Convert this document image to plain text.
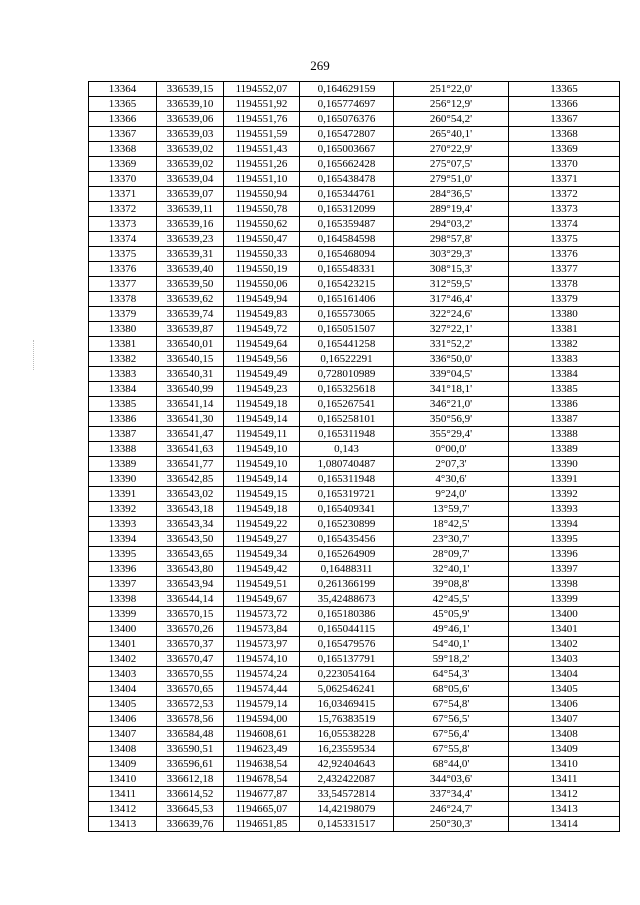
269
13364	336539,15	1194552,07	0,164629159	251°22,0'	13365
13365	336539,10	1194551,92	0,165774697	256°12,9'	13366
13366	336539,06	1194551,76	0,165076376	260°54,2'	13367
13367	336539,03	1194551,59	0,165472807	265°40,1'	13368
13368	336539,02	1194551,43	0,165003667	270°22,9'	13369
13369	336539,02	1194551,26	0,165662428	275°07,5'	13370
13370	336539,04	1194551,10	0,165438478	279°51,0'	13371
13371	336539,07	1194550,94	0,165344761	284°36,5'	13372
13372	336539,11	1194550,78	0,165312099	289°19,4'	13373
13373	336539,16	1194550,62	0,165359487	294°03,2'	13374
13374	336539,23	1194550,47	0,164584598	298°57,8'	13375
13375	336539,31	1194550,33	0,165468094	303°29,3'	13376
13376	336539,40	1194550,19	0,165548331	308°15,3'	13377
13377	336539,50	1194550,06	0,165423215	312°59,5'	13378
13378	336539,62	1194549,94	0,165161406	317°46,4'	13379
13379	336539,74	1194549,83	0,165573065	322°24,6'	13380
13380	336539,87	1194549,72	0,165051507	327°22,1'	13381
13381	336540,01	1194549,64	0,165441258	331°52,2'	13382
13382	336540,15	1194549,56	0,16522291	336°50,0'	13383
13383	336540,31	1194549,49	0,728010989	339°04,5'	13384
13384	336540,99	1194549,23	0,165325618	341°18,1'	13385
13385	336541,14	1194549,18	0,165267541	346°21,0'	13386
13386	336541,30	1194549,14	0,165258101	350°56,9'	13387
13387	336541,47	1194549,11	0,165311948	355°29,4'	13388
13388	336541,63	1194549,10	0,143	0°00,0'	13389
13389	336541,77	1194549,10	1,080740487	2°07,3'	13390
13390	336542,85	1194549,14	0,165311948	4°30,6'	13391
13391	336543,02	1194549,15	0,165319721	9°24,0'	13392
13392	336543,18	1194549,18	0,165409341	13°59,7'	13393
13393	336543,34	1194549,22	0,165230899	18°42,5'	13394
13394	336543,50	1194549,27	0,165435456	23°30,7'	13395
13395	336543,65	1194549,34	0,165264909	28°09,7'	13396
13396	336543,80	1194549,42	0,16488311	32°40,1'	13397
13397	336543,94	1194549,51	0,261366199	39°08,8'	13398
13398	336544,14	1194549,67	35,42488673	42°45,5'	13399
13399	336570,15	1194573,72	0,165180386	45°05,9'	13400
13400	336570,26	1194573,84	0,165044115	49°46,1'	13401
13401	336570,37	1194573,97	0,165479576	54°40,1'	13402
13402	336570,47	1194574,10	0,165137791	59°18,2'	13403
13403	336570,55	1194574,24	0,223054164	64°54,3'	13404
13404	336570,65	1194574,44	5,062546241	68°05,6'	13405
13405	336572,53	1194579,14	16,03469415	67°54,8'	13406
13406	336578,56	1194594,00	15,76383519	67°56,5'	13407
13407	336584,48	1194608,61	16,05538228	67°56,4'	13408
13408	336590,51	1194623,49	16,23559534	67°55,8'	13409
13409	336596,61	1194638,54	42,92404643	68°44,0'	13410
13410	336612,18	1194678,54	2,432422087	344°03,6'	13411
13411	336614,52	1194677,87	33,54572814	337°34,4'	13412
13412	336645,53	1194665,07	14,42198079	246°24,7'	13413
13413	336639,76	1194651,85	0,145331517	250°30,3'	13414
